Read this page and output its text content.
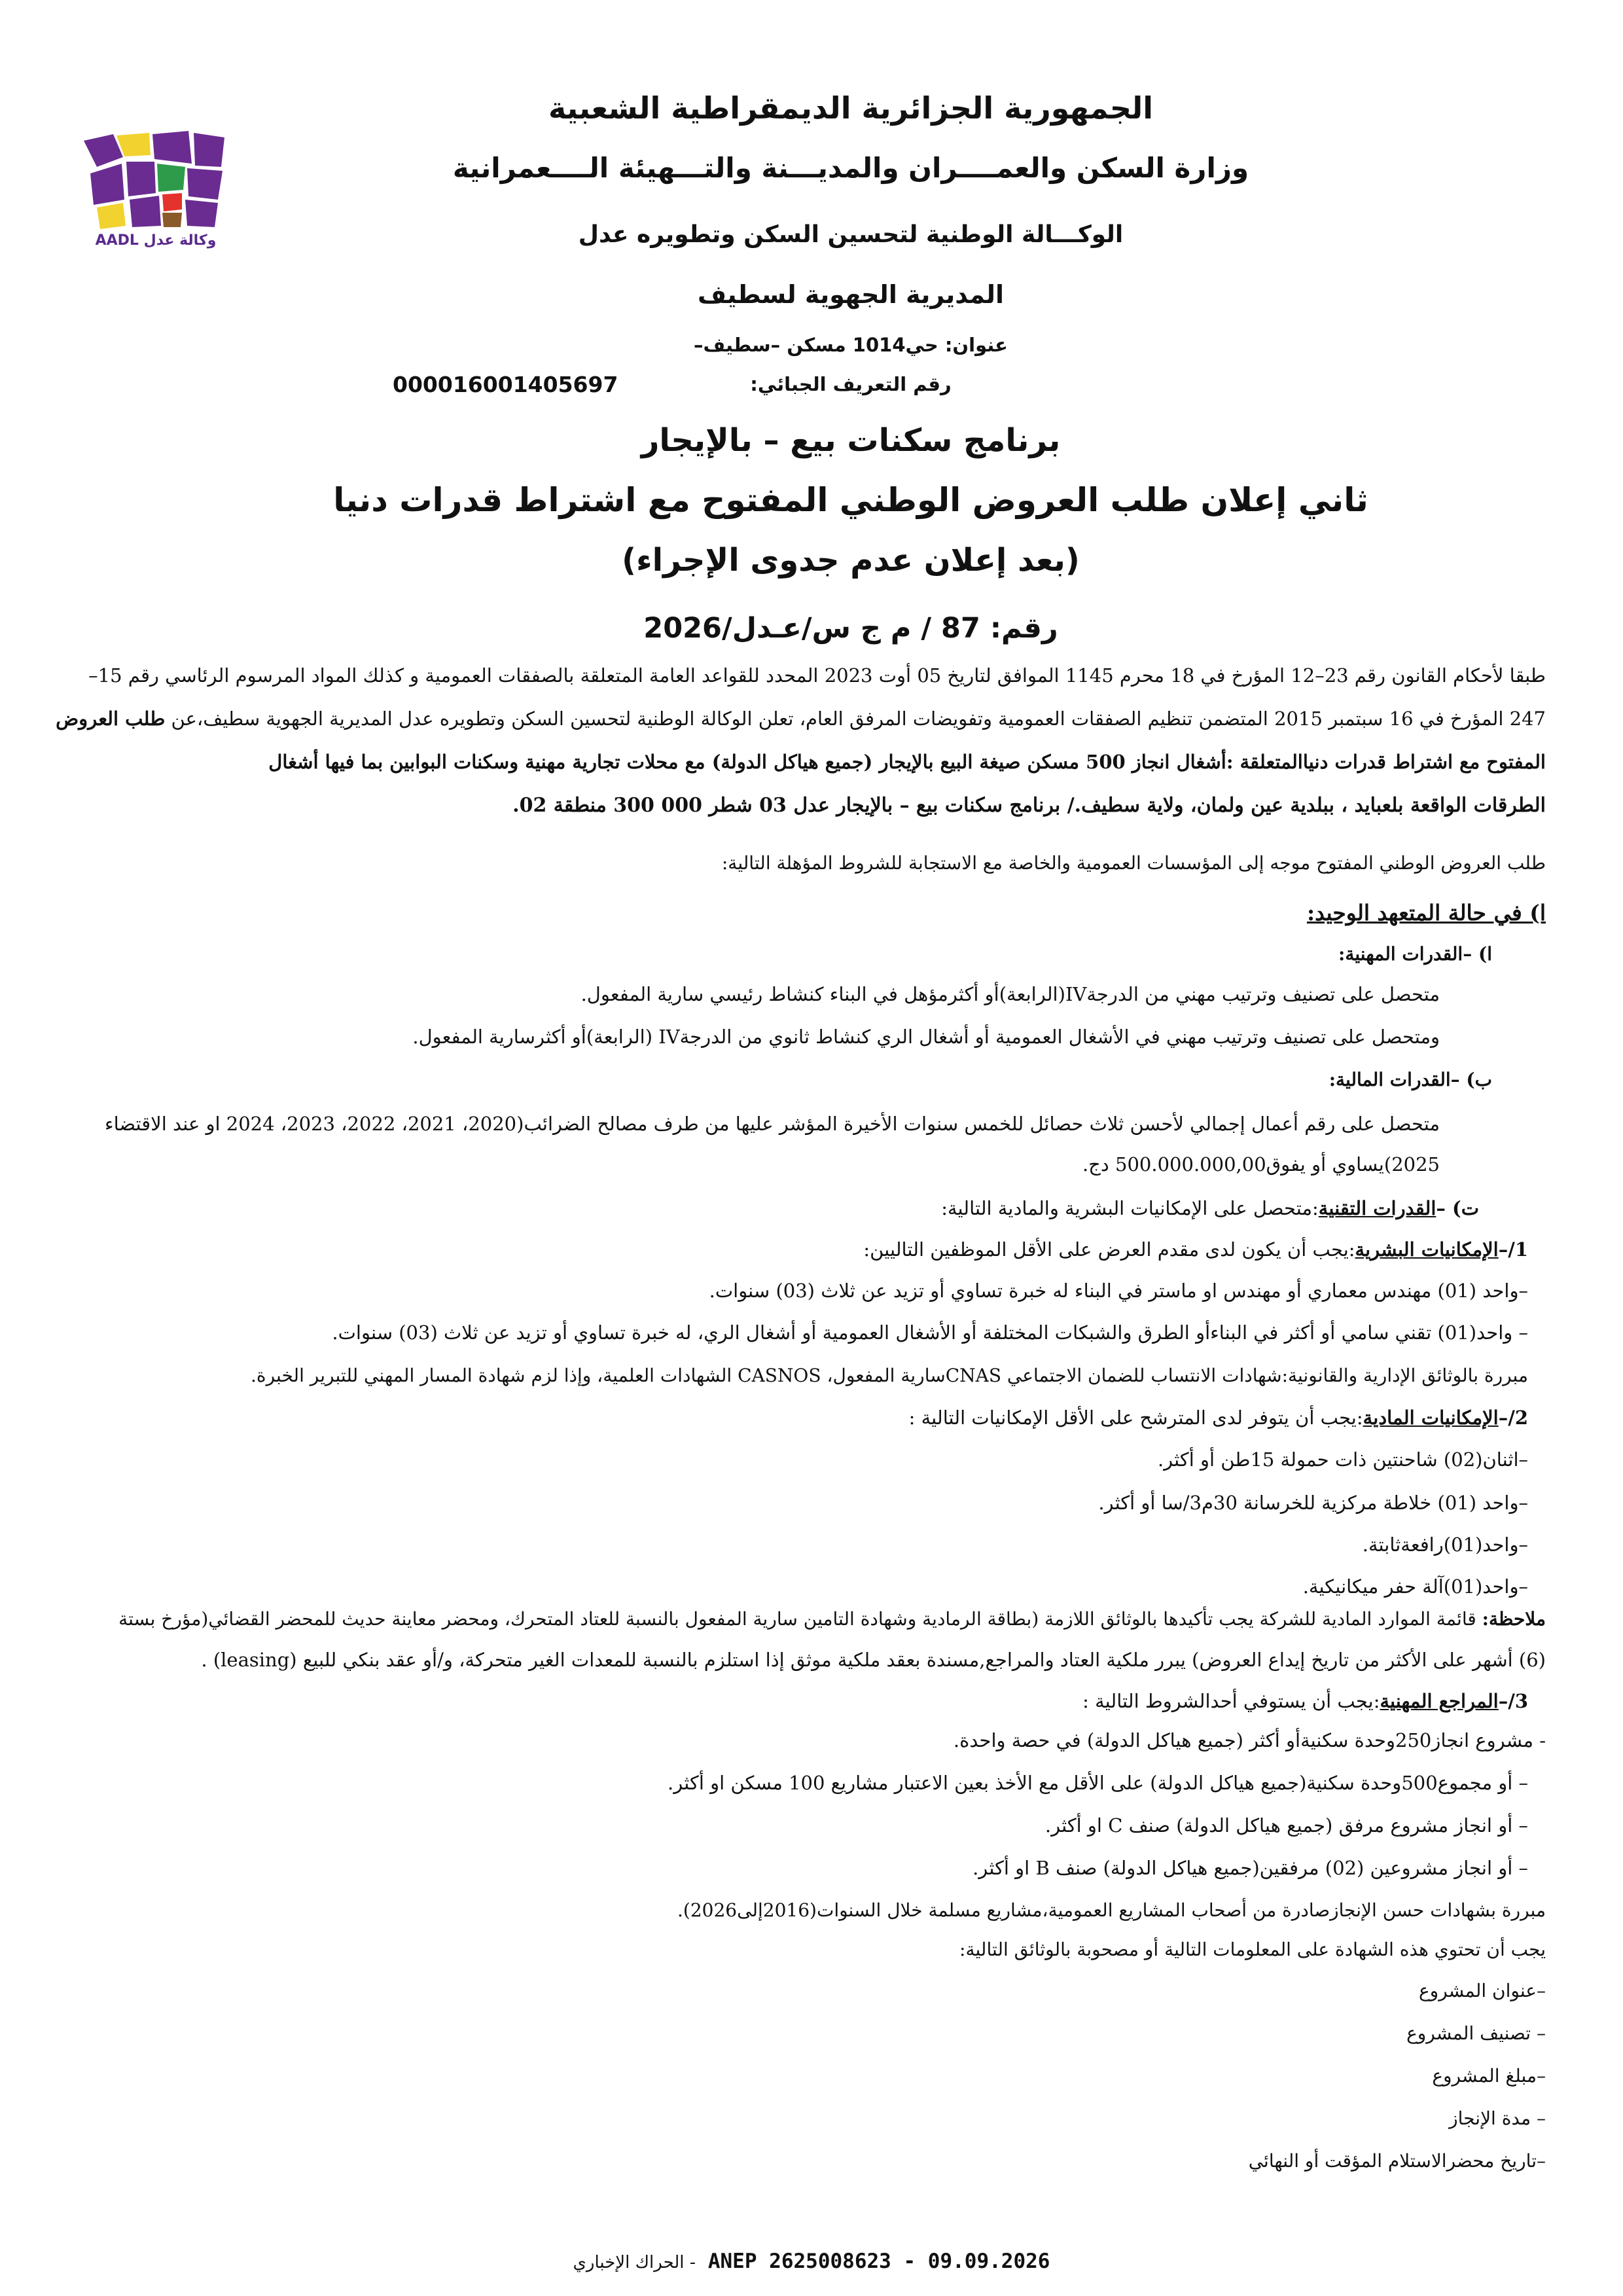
وكالة عدل AADL
الجمهورية الجزائرية الديمقراطية الشعبية
وزارة السكن والعمــــران والمديـــنة والتـــهيئة الــــعمرانية
الوكـــالة الوطنية لتحسين السكن وتطويره عدل
المديرية الجهوية لسطيف
عنوان: حي1014 مسكن –سطيف–
رقم التعريف الجبائي:
000016001405697
برنامج سكنات بيع – بالإيجار
ثاني إعلان طلب العروض الوطني المفتوح مع اشتراط قدرات دنيا
(بعد إعلان عدم جدوى الإجراء)
رقم: 87 / م ج س/عـدل/2026
طبقا لأحكام القانون رقم 23–12 المؤرخ في 18 محرم 1145 الموافق لتاريخ 05 أوت 2023 المحدد للقواعد العامة المتعلقة بالصفقات العمومية و كذلك المواد المرسوم الرئاسي رقم 15–
247 المؤرخ في 16 سبتمبر 2015 المتضمن تنظيم الصفقات العمومية وتفويضات المرفق العام، تعلن الوكالة الوطنية لتحسين السكن وتطويره عدل المديرية الجهوية سطيف،عن طلب العروض
المفتوح مع اشتراط قدرات دنياالمتعلقة :أشغال انجاز 500 مسكن صيغة البيع بالإيجار (جميع هياكل الدولة) مع محلات تجارية مهنية وسكنات البوابين بما فيها أشغال
الطرقات الواقعة بلعبايد ، ببلدية عين ولمان، ولاية سطيف./ برنامج سكنات بيع – بالإيجار عدل 03 شطر 000 300 منطقة 02.
طلب العروض الوطني المفتوح موجه إلى المؤسسات العمومية والخاصة مع الاستجابة للشروط المؤهلة التالية:
ا) في حالة المتعهد الوحيد:
ا) –القدرات المهنية:
متحصل على تصنيف وترتيب مهني من الدرجةIV(الرابعة)أو أكثرمؤهل في البناء كنشاط رئيسي سارية المفعول.
ومتحصل على تصنيف وترتيب مهني في الأشغال العمومية أو أشغال الري كنشاط ثانوي من الدرجةIV (الرابعة)أو أكثرسارية المفعول.
ب) –القدرات المالية:
متحصل على رقم أعمال إجمالي لأحسن ثلاث حصائل للخمس سنوات الأخيرة المؤشر عليها من طرف مصالح الضرائب(2020، 2021، 2022، 2023، 2024 او عند الاقتضاء
2025)يساوي أو يفوق500.000.000,00 دج.
ت) –القدرات التقنية:متحصل على الإمكانيات البشرية والمادية التالية:
1/–الإمكانيات البشرية:يجب أن يكون لدى مقدم العرض على الأقل الموظفين التاليين:
–واحد (01) مهندس معماري أو مهندس او ماستر في البناء له خبرة تساوي أو تزيد عن ثلاث (03) سنوات.
– واحد(01) تقني سامي أو أكثر في البناءأو الطرق والشبكات المختلفة أو الأشغال العمومية أو أشغال الري، له خبرة تساوي أو تزيد عن ثلاث (03) سنوات.
مبررة بالوثائق الإدارية والقانونية:شهادات الانتساب للضمان الاجتماعي CNASسارية المفعول، CASNOS الشهادات العلمية، وإذا لزم شهادة المسار المهني للتبرير الخبرة.
2/–الإمكانيات المادية:يجب أن يتوفر لدى المترشح على الأقل الإمكانيات التالية :
–اثنان(02) شاحنتين ذات حمولة 15طن أو أكثر.
–واحد (01) خلاطة مركزية للخرسانة 30م3/سا أو أكثر.
–واحد(01)رافعةثابتة.
–واحد(01)آلة حفر ميكانيكية.
ملاحظة: قائمة الموارد المادية للشركة يجب تأكيدها بالوثائق اللازمة (بطاقة الرمادية وشهادة التامين سارية المفعول بالنسبة للعتاد المتحرك، ومحضر معاينة حديث للمحضر القضائي(مؤرخ بستة
(6) أشهر على الأكثر من تاريخ إيداع العروض) يبرر ملكية العتاد والمراجع,مسندة بعقد ملكية موثق إذا استلزم بالنسبة للمعدات الغير متحركة، و/أو عقد بنكي للبيع (leasing) .
3/–المراجع المهنية:يجب أن يستوفي أحدالشروط التالية :
- مشروع انجاز250وحدة سكنيةأو أكثر (جميع هياكل الدولة) في حصة واحدة.
– أو مجموع500وحدة سكنية(جميع هياكل الدولة) على الأقل مع الأخذ بعين الاعتبار مشاريع 100 مسكن او أكثر.
– أو انجاز مشروع مرفق (جميع هياكل الدولة) صنف C او أكثر.
– أو انجاز مشروعين (02) مرفقين(جميع هياكل الدولة) صنف B او أكثر.
مبررة بشهادات حسن الإنجازصادرة من أصحاب المشاريع العمومية،مشاريع مسلمة خلال السنوات(2016إلى2026).
يجب أن تحتوي هذه الشهادة على المعلومات التالية أو مصحوبة بالوثائق التالية:
–عنوان المشروع
– تصنيف المشروع
–مبلغ المشروع
– مدة الإنجاز
–تاريخ محضرالاستلام المؤقت أو النهائي
الحراك الإخباري - ANEP 2625008623 - 09.09.2026
